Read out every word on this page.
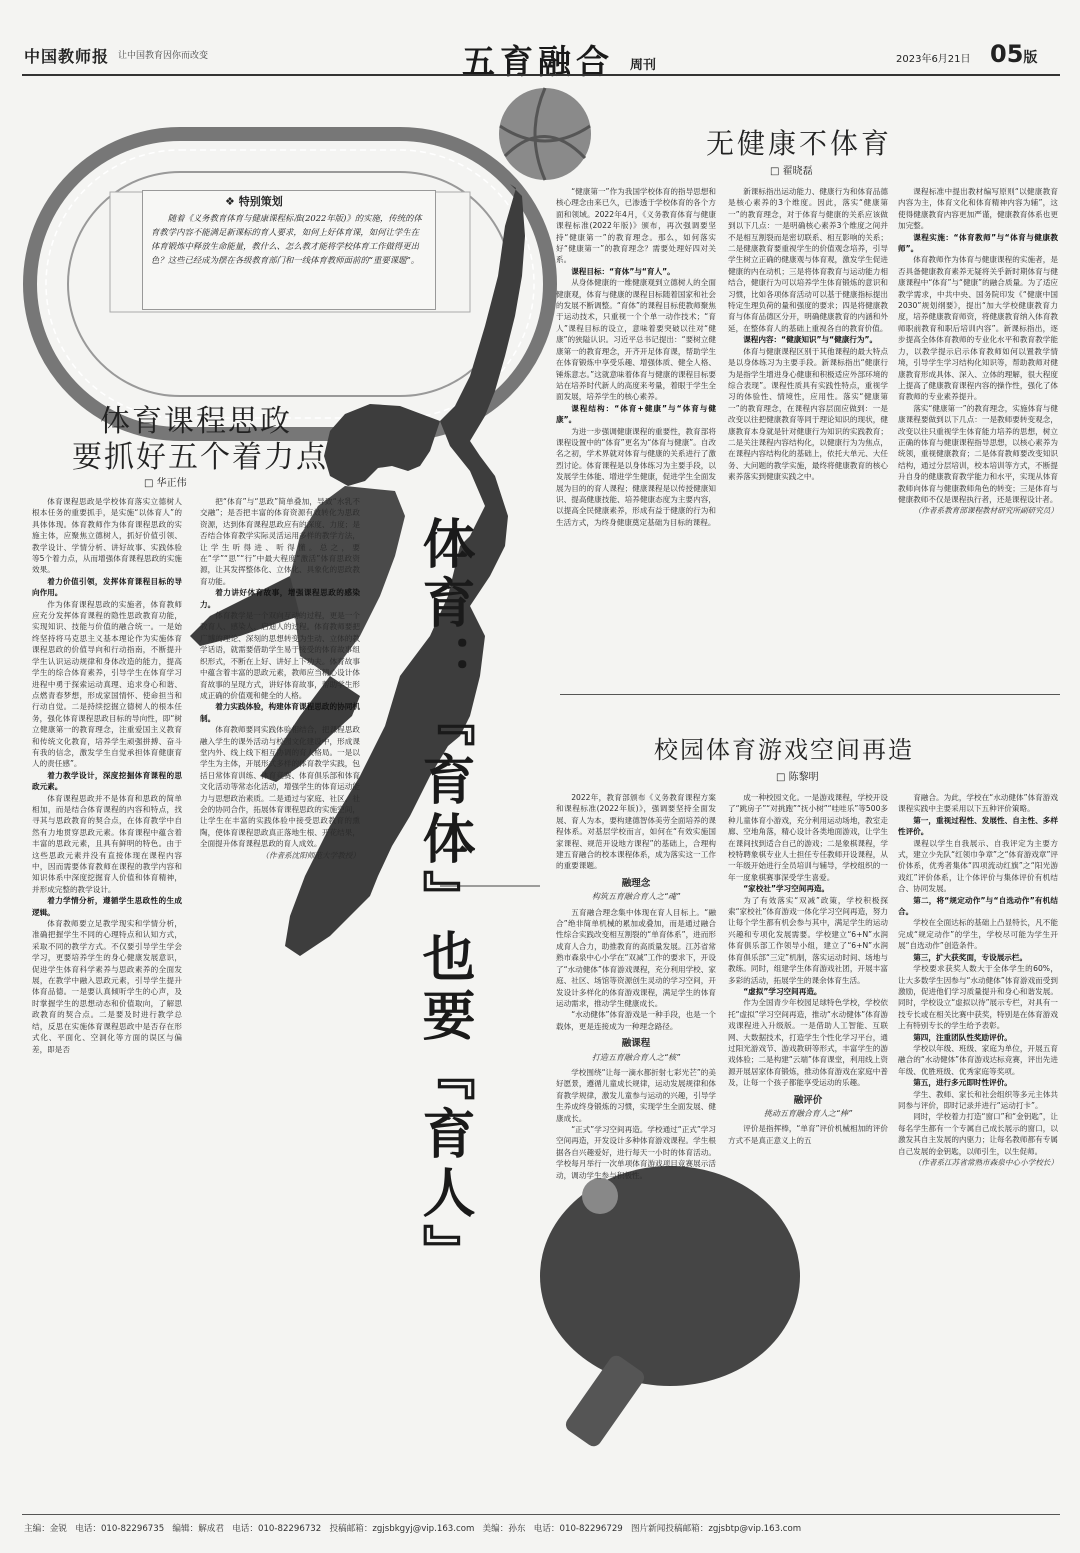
中国教师报 让中国教育因你而改变	五育融合 周刊	2023年6月21日 05版
❖ 特别策划
随着《义务教育体育与健康课程标准(2022年版)》的实施，传统的体育教学内容不能满足新课标的育人要求，如何上好体育课，如何让学生在体育锻炼中释放生命能量，教什么、怎么教才能将学校体育工作做得更出色？这些已经成为摆在各级教育部门和一线体育教师面前的“重要课题”。
体育：『育体』也要『育人』
体育课程思政
要抓好五个着力点
□ 华正伟

体育课程思政是学校体育落实立德树人根本任务的重要抓手，是实施“以体育人”的具体体现。体育教师作为体育课程思政的实施主体，应聚焦立德树人，抓好价值引领、教学设计、学情分析、讲好故事、实践体验等5个着力点，从而增强体育课程思政的实施效果。

着力价值引领，发挥体育课程目标的导向作用。

作为体育课程思政的实施者，体育教师应充分发挥体育课程的隐性思政教育功能，实现知识、技能与价值的融合统一。一是始终坚持将马克思主义基本理论作为实施体育课程思政的价值导向和行动指南，不断提升学生认识运动规律和身体改造的能力，提高学生的综合体育素养，引导学生在体育学习进程中勇于探索运动真理、追求身心和谐、点燃青春梦想，形成家国情怀、使命担当和行动自觉。二是持续挖掘立德树人的根本任务，强化体育课程思政目标的导向性，即“树立健康第一的教育理念，注重爱国主义教育和传统文化教育，培养学生顽强拼搏、奋斗有我的信念，激发学生自觉承担体育健康育人的责任感”。

着力教学设计，深度挖掘体育课程的思政元素。

体育课程思政并不是体育和思政的简单相加，而是结合体育课程的内容和特点，找寻其与思政教育的契合点，在体育教学中自然有力地贯穿思政元素。体育课程中蕴含着丰富的思政元素，且具有鲜明的特色。由于这些思政元素并没有直接体现在课程内容中，因而需要体育教师在课程的教学内容和知识体系中深度挖掘育人价值和体育精神，并形成完整的教学设计。

着力学情分析，遵循学生思政性的生成逻辑。

体育教师要立足教学现实和学情分析，准确把握学生不同的心理特点和认知方式，采取不同的教学方式。不仅要引导学生学会学习，更要培养学生的身心健康发展意识，促进学生体育科学素养与思政素养的全面发展，在教学中融入思政元素，引导学生提升体育品德。一是要认真倾听学生的心声，及时掌握学生的思想动态和价值取向，了解思政教育的契合点。二是要及时进行教学总结，反思在实施体育课程思政中是否存在形式化、平面化、空洞化等方面的误区与偏差，即是否

把“体育”与“思政”简单叠加，导致“水乳不交融”；是否把丰富的体育资源有效转化为思政资源，达到体育课程思政应有的深度、力度；是否结合体育教学实际灵活运用多样的教学方法，让学生听得进、听得懂。总之，要在“学”“思”“行”中最大程度“激活”体育思政资源，让其发挥整体化、立体化、具象化的思政教育功能。

着力讲好体育故事，增强课程思政的感染力。

体育教学是一个双向互动的过程，更是一个教育人、感染人、启迪人的过程。体育教师要把广博的理论、深刻的思想转变为生动、立体的教学话语，就需要借助学生易于接受的体育故事组织形式，不断在上好、讲好上下功夫。体育故事中蕴含着丰富的思政元素，教师应当精心设计体育故事的呈现方式，讲好体育故事，帮助学生形成正确的价值观和健全的人格。

着力实践体验，构建体育课程思政的协同机制。

体育教师要同实践体验相结合，把课程思政融入学生的课外活动与校园文化建设中，形成课堂内外、线上线下相互协调的育人格局。一是以学生为主体，开展形式多样的体育教学实践，包括日常体育训练、体育竞赛、体育俱乐部和体育文化活动等常态化活动，增强学生的体育运动能力与思想政治素质。二是通过与家庭、社区、社会的协同合作，拓展体育课程思政的实施空间，让学生在丰富的实践体验中接受思政教育的熏陶，使体育课程思政真正落地生根、开花结果，全面提升体育课程思政的育人成效。

（作者系沈阳师范大学教授）

无健康不体育
□ 翟晓磊

“健康第一”作为我国学校体育的指导思想和核心理念由来已久，已渗透于学校体育的各个方面和领域。2022年4月，《义务教育体育与健康课程标准(2022年版)》颁布，再次强调要坚持“健康第一”的教育理念。那么，如何落实好“健康第一”的教育理念？需要处理好四对关系。

课程目标：“育体”与“育人”。

从身体健康的一维健康观到立德树人的全面健康观，体育与健康的课程目标随着国家和社会的发展不断调整。“育体”的课程目标使教师聚焦于运动技术，只重视一个个单一动作技术；“育人”课程目标的设立，意味着要突破以往对“健康”的狭隘认识。习近平总书记提出：“要树立健康第一的教育理念，开齐开足体育课，帮助学生在体育锻炼中享受乐趣、增强体质、健全人格、锤炼意志。”这就意味着体育与健康的课程目标要站在培养时代新人的高度来考量，着眼于学生全面发展，培养学生的核心素养。

课程结构：“体育+健康”与“体育与健康”。

为进一步强调健康课程的重要性，教育部将课程设置中的“体育”更名为“体育与健康”。自改名之初，学术界就对体育与健康的关系进行了激烈讨论。体育课程是以身体练习为主要手段，以发展学生体能、增进学生健康，促进学生全面发展为目的的育人课程；健康课程是以传授健康知识、提高健康技能、培养健康态度为主要内容，以提高全民健康素养，形成有益于健康的行为和生活方式，为终身健康奠定基础为目标的课程。

新课标指出运动能力、健康行为和体育品德是核心素养的3个维度。因此，落实“健康第一”的教育理念，对于体育与健康的关系应该做到以下几点：一是明确核心素养3个维度之间并不是相互割裂而是密切联系、相互影响的关系；二是健康教育要重视学生的价值观念培养，引导学生树立正确的健康观与体育观，激发学生促进健康的内在动机；三是将体育教育与运动能力相结合，健康行为可以培养学生体育锻炼的意识和习惯，比如各项体育活动可以基于健康指标提出特定生理负荷的量和强度的要求；四是将健康教育与体育品德区分开，明确健康教育的内涵和外延，在整体育人的基础上重视各自的教育价值。

课程内容：“健康知识”与“健康行为”。

体育与健康课程区别于其他课程的最大特点是以身体练习为主要手段。新课标指出“健康行为是指学生增进身心健康和积极适应外部环境的综合表现”。课程性质具有实践性特点，重视学习的体验性、情境性，应用性。落实“健康第一”的教育理念，在课程内容层面应做到：一是改变以往把健康教育等同于理论知识的现状，健康教育本身就是针对健康行为知识的实践教育；二是关注课程内容结构化，以健康行为为焦点，在课程内容结构化的基础上，依托大单元、大任务、大问题的教学实施，最终将健康教育的核心素养落实到健康实践之中。

课程标准中提出教材编写原则“以健康教育内容为主，体育文化和体育精神内容为辅”，这使得健康教育内容更加严谨，健康教育体系也更加完整。

课程实施：“体育教师”与“体育与健康教师”。

体育教师作为体育与健康课程的实施者，是否具备健康教育素养无疑将关乎新时期体育与健康课程中“体育”与“健康”的融合质量。为了适应教学需求，中共中央、国务院印发《“健康中国2030”规划纲要》，提出“加大学校健康教育力度，培养健康教育师资，将健康教育纳入体育教师职前教育和职后培训内容”。新课标指出，逐步提高全体体育教师的专业化水平和教育教学能力，以教学提示启示体育教师如何以置教学情境，引导学生学习结构化知识等，帮助教师对健康教育形成具体、深入、立体的理解，很大程度上提高了健康教育课程内容的操作性，强化了体育教师的专业素养提升。

落实“健康第一”的教育理念，实施体育与健康课程要做到以下几点：一是教师要转变观念，改变以往只重视学生体育能力培养的思想，树立正确的体育与健康课程指导思想，以核心素养为统领，重视健康教育；二是体育教师要改变知识结构，通过分层培训，校本培训等方式，不断提升自身的健康教育教学能力和水平，实现从体育教师向体育与健康教师角色的转变；三是体育与健康教师不仅是课程执行者，还是课程设计者。

（作者系教育部课程教材研究所副研究员）

校园体育游戏空间再造
□ 陈黎明

2022年，教育部颁布《义务教育课程方案和课程标准(2022年版)》，强调要坚持全面发展、育人为本，要构建德智体美劳全面培养的课程体系。对基层学校而言，如何在“有效实施国家课程、规范开设地方课程”的基础上，合理构建五育融合的校本课程体系，成为落实这一工作的重要课题。

融理念

构筑五育融合育人之“魂”

五育融合理念集中体现在育人目标上。“融合”绝非简单机械的累加或叠加，而是通过融合性综合实践改变相互割裂的“单育体系”，进而形成育人合力，助推教育的高质量发展。江苏省常熟市森泉中心小学在“双减”工作的要求下，开设了“水动健体”体育游戏课程，充分利用学校、家庭、社区、场馆等资源创生灵动的学习空间，开发设计多样化的体育游戏课程，满足学生的体育运动需求，推动学生健康成长。

“水动健体”体育游戏是一种手段，也是一个载体，更是连接成为一种理念路径。

融课程

打造五育融合育人之“核”

学校围绕“让每一滴水都折射七彩光芒”的美好愿景，遵循儿童成长规律，运动发展规律和体育教学规律，激发儿童参与运动的兴趣，引导学生养成终身锻炼的习惯，实现学生全面发展、健康成长。

“正式”学习空间再造。学校通过“正式”学习空间再造，开发设计多种体育游戏课程。学生根据各自兴趣爱好，进行每天一小时的体育活动。学校每月举行一次单项体育游戏项目竞赛展示活动，调动学生参与积极性。

成一种校园文化。一是游戏课程，学校开设了“跳房子”“对挑跑”“抚小树”“哇哇乐”等500多种儿童体育小游戏，充分利用运动场地，教室走廊、空地角落，精心设计各类地面游戏，让学生在课间找到适合自己的游戏；二是象棋课程，学校特聘象棋专业人士担任专任教师开设课程，从一年级开始进行全员培训与辅导，学校组织的一年一度象棋赛事深受学生喜爱。

“家校社”学习空间再造。

为了有效落实“双减”政策，学校积极探索“家校社”体育游戏一体化学习空间再造，努力让每个学生都有机会参与其中，满足学生的运动兴趣和专项化发展需要。学校建立“6+N”水润体育俱乐部工作领导小组，建立了“6+N”水润体育俱乐部“三定”机制，落实运动时间、场地与教练。同时，组建学生体育游戏社团，开展丰富多彩的活动，拓展学生的课余体育生活。

“虚拟”学习空间再造。

作为全国青少年校园足球特色学校，学校依托“虚拟”学习空间再造，推动“水动健体”体育游戏课程进入升级版。一是借助人工智能、互联网、大数据技术，打造学生个性化学习平台，通过阳光游戏节、游戏教研等形式，丰富学生的游戏体验；二是构建“云端”体育课堂，利用线上资源开展居家体育锻炼，推动体育游戏在家庭中普及，让每一个孩子都能享受运动的乐趣。

融评价

挑动五育融合育人之“棒”

评价是指挥棒，“单育”评价机械相加的评价方式不是真正意义上的五

育融合。为此，学校在“水动健体”体育游戏课程实践中主要采用以下五种评价策略。

第一，重视过程性、发展性、自主性、多样性评价。

课程以学生自我展示、自我评定为主要方式，建立少先队“红领巾争章”之“体育游戏章”评价体系，优秀者集体“四项流动红旗”之“阳光游戏红”评价体系，让个体评价与集体评价有机结合、协同发展。

第二，将“规定动作”与“自选动作”有机结合。

学校在全面达标的基础上凸显特长，凡不能完成“规定动作”的学生，学校尽可能为学生开展“自选动作”创造条件。

第三，扩大获奖面，专设展示栏。

学校要求获奖人数大于全体学生的60%，让大多数学生因参与“水动健体”体育游戏而受到激励，促进他们学习质量提升和身心和谐发展。同时，学校设立“虚拟以待”展示专栏，对具有一技专长或在相关比赛中获奖，特别是在体育游戏上有特别专长的学生给予表彰。

第四，注重团队性奖励评价。

学校以年级、班级、家庭为单位，开展五育融合的“水动健体”体育游戏达标竞赛，评出先进年级、优胜班级、优秀家庭等奖项。

第五，进行多元即时性评价。

学生、教师、家长和社会组织等多元主体共同参与评价，即时记录并进行“运动打卡”。

同时，学校着力打造“窗口”和“金钥匙”，让每名学生都有一个专属自己成长展示的窗口，以激发其自主发展的内驱力；让每名教师都有专属自己发展的金钥匙，以师引生，以生促师。

（作者系江苏省常熟市森泉中心小学校长）

主编：金锐 电话：010-82296735 编辑：解成君 电话：010-82296732 投稿邮箱：zgjsbkgyj@vip.163.com 美编：孙东 电话：010-82296729 图片新闻投稿邮箱：zgjsbtp@vip.163.com
